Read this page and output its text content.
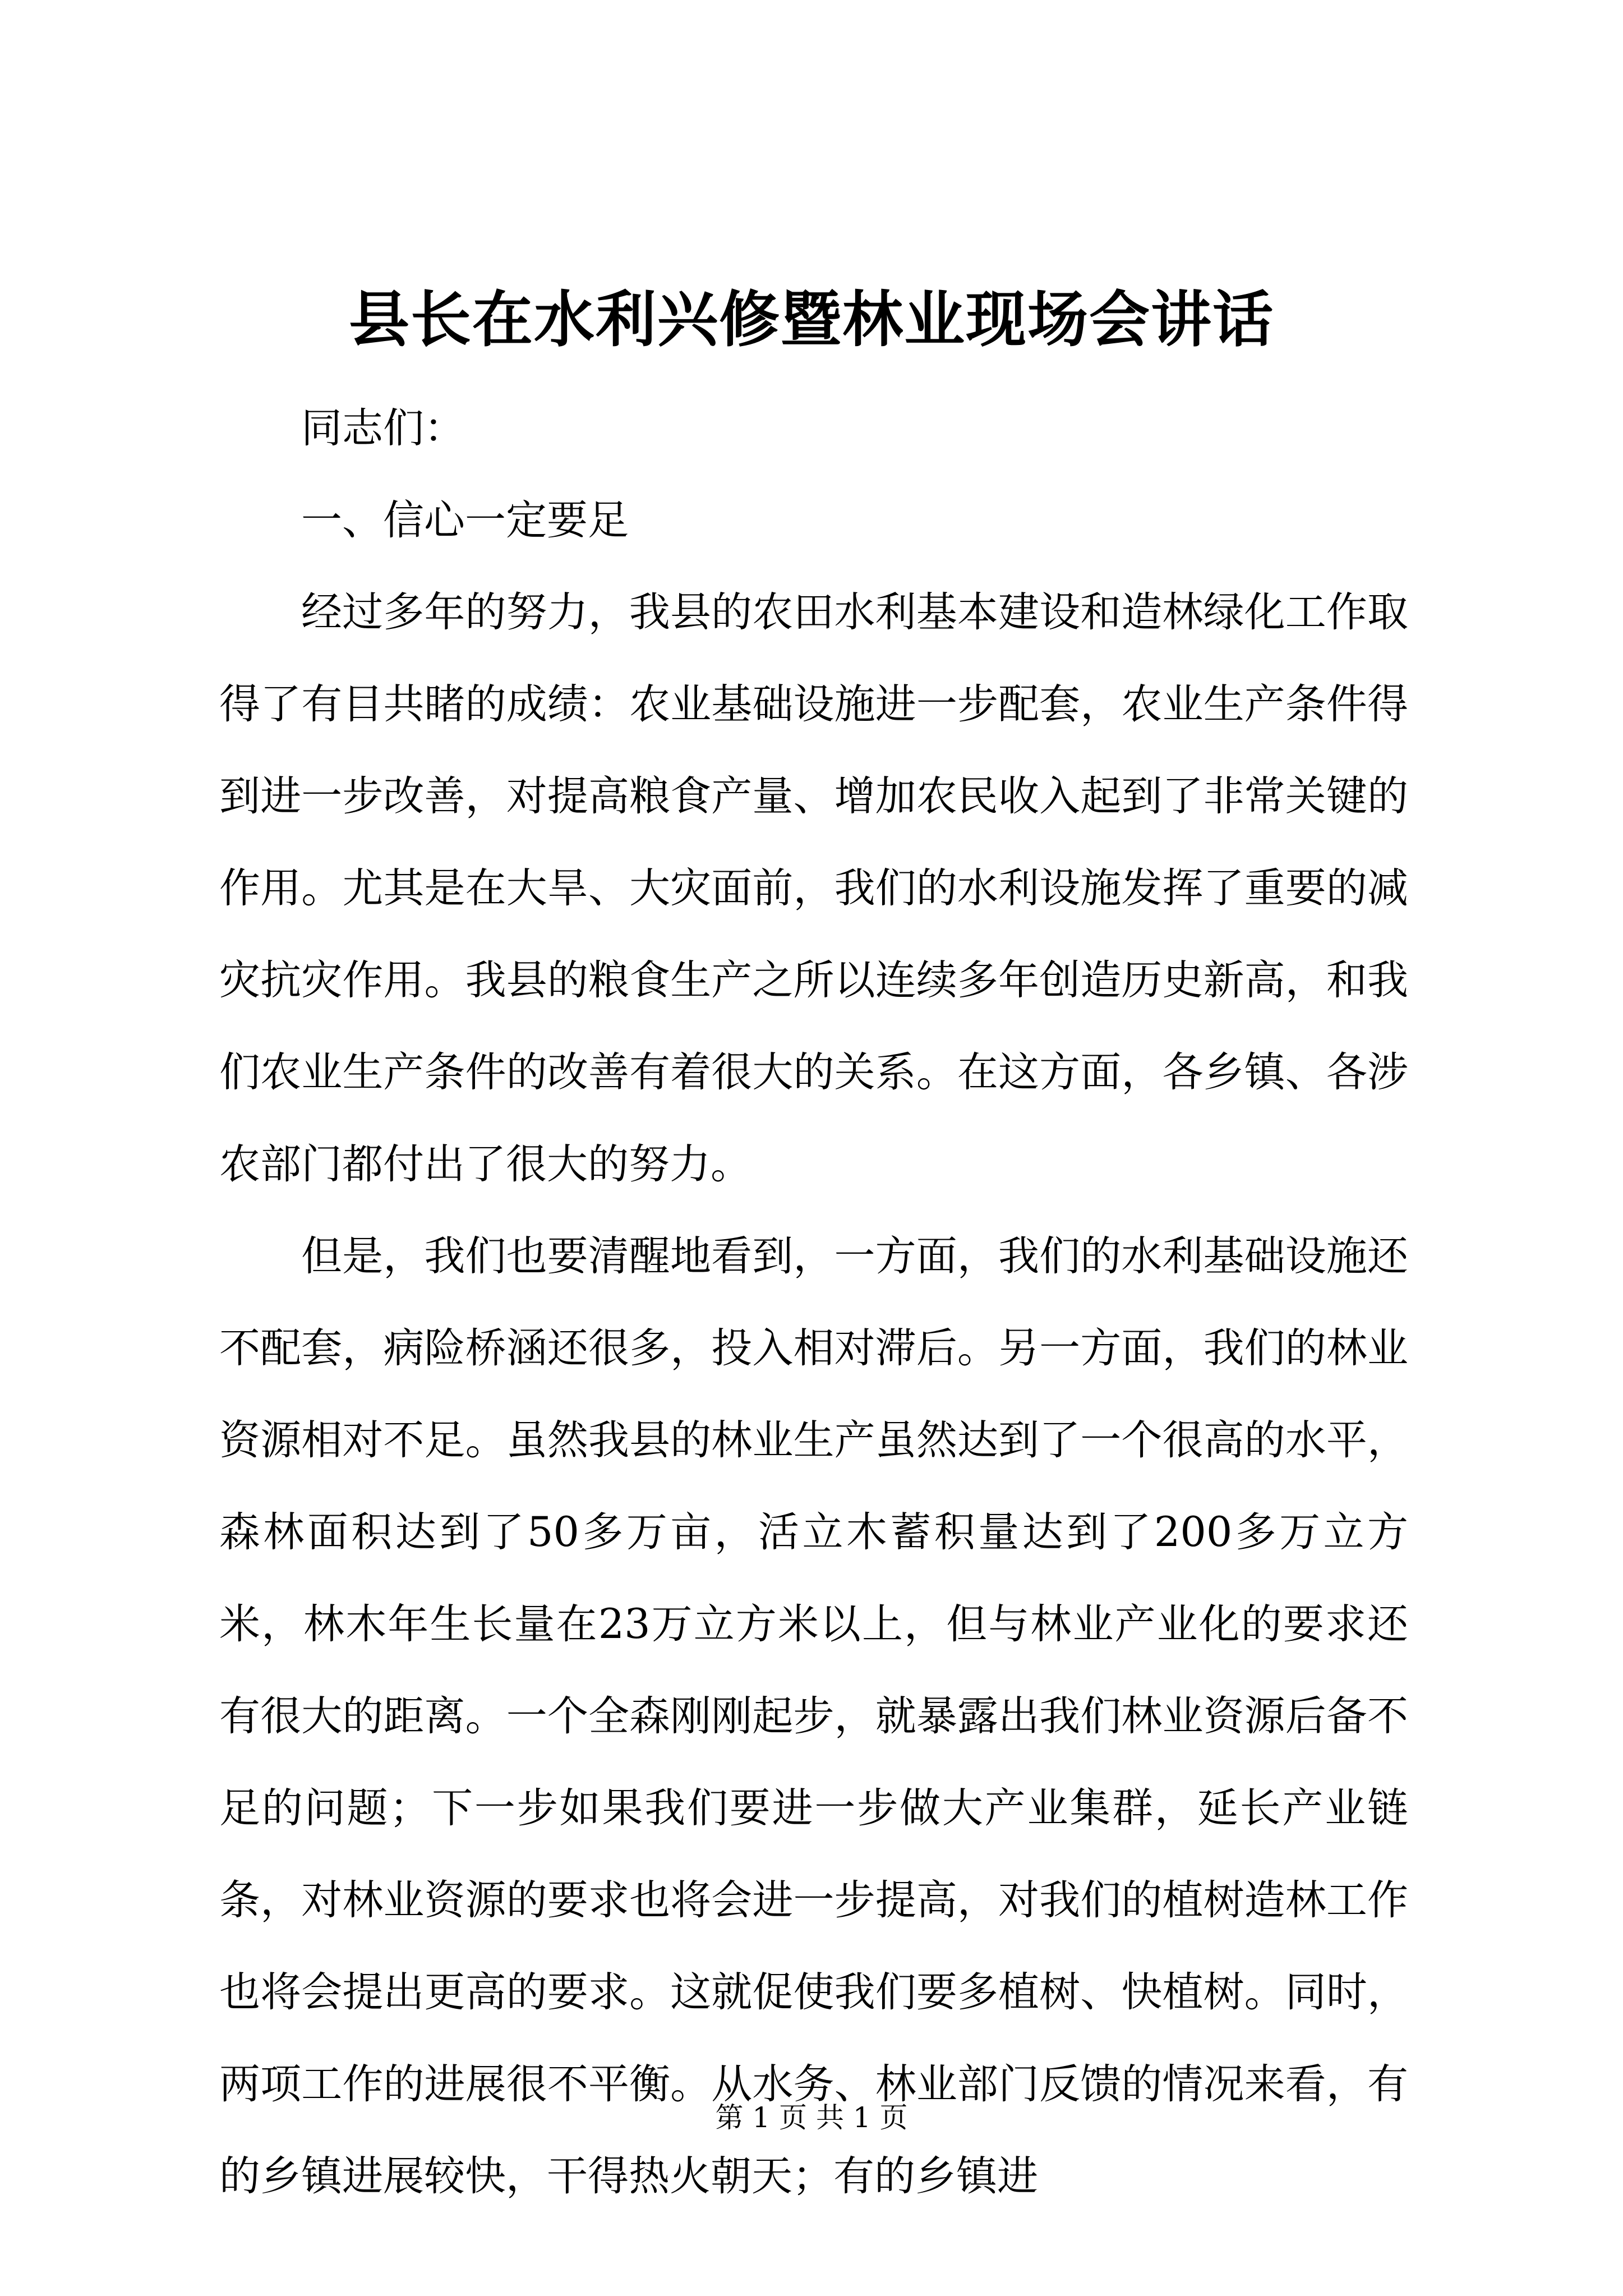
县长在水利兴修暨林业现场会讲话

同志们：

一、信心一定要足

经过多年的努力，我县的农田水利基本建设和造林绿化工作取得了有目共睹的成绩：农业基础设施进一步配套，农业生产条件得到进一步改善，对提高粮食产量、增加农民收入起到了非常关键的作用。尤其是在大旱、大灾面前，我们的水利设施发挥了重要的减灾抗灾作用。我县的粮食生产之所以连续多年创造历史新高，和我们农业生产条件的改善有着很大的关系。在这方面，各乡镇、各涉农部门都付出了很大的努力。

但是，我们也要清醒地看到，一方面，我们的水利基础设施还不配套，病险桥涵还很多，投入相对滞后。另一方面，我们的林业资源相对不足。虽然我县的林业生产虽然达到了一个很高的水平，森林面积达到了50多万亩，活立木蓄积量达到了200多万立方米，林木年生长量在23万立方米以上，但与林业产业化的要求还有很大的距离。一个全森刚刚起步，就暴露出我们林业资源后备不足的问题；下一步如果我们要进一步做大产业集群，延长产业链条，对林业资源的要求也将会进一步提高，对我们的植树造林工作也将会提出更高的要求。这就促使我们要多植树、快植树。同时，两项工作的进展很不平衡。从水务、林业部门反馈的情况来看，有的乡镇进展较快，干得热火朝天；有的乡镇进

第 1 页 共 1 页
